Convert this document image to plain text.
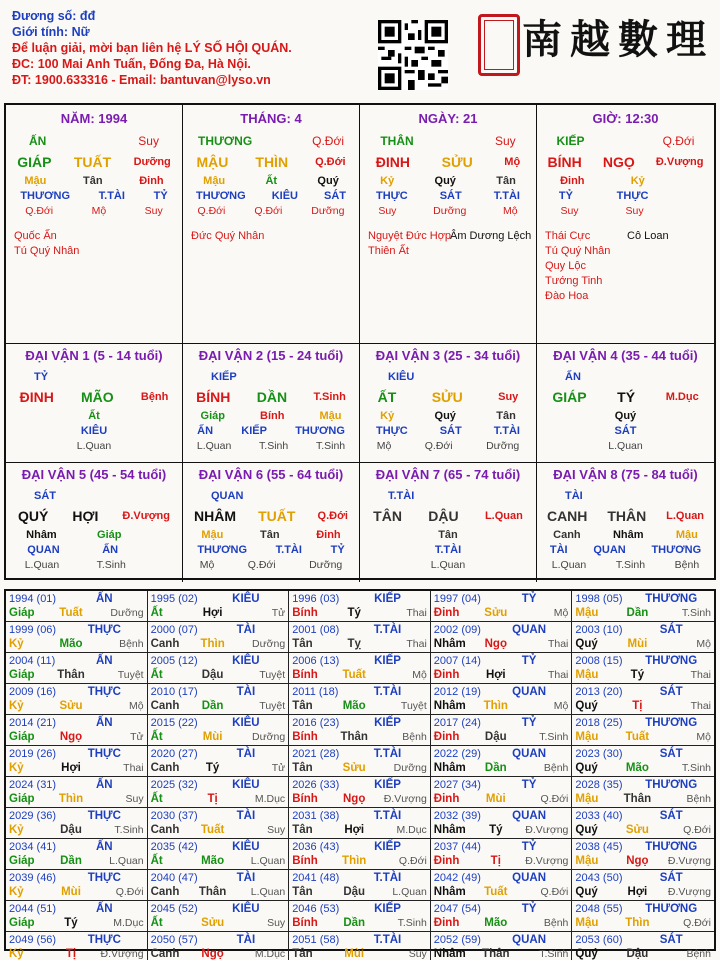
Đương số: đđ
Giới tính: Nữ
Để luận giải, mời bạn liên hệ LÝ SỐ HỘI QUÁN.
ĐC: 100 Mai Anh Tuấn, Đống Đa, Hà Nội.
ĐT: 1900.633316 - Email: bantuvan@lyso.vn
南越數理
NĂM: 1994
ẤN	Suy
GIÁP TUẤT Dưỡng
Mậu	Tân	Đinh
THƯƠNG	T.TÀI	TỶ
Q.Đới	Mộ	Suy
Quốc Ấn
Tú Quý Nhân
THÁNG: 4
THƯƠNG	Q.Đới
MẬU THÌN Q.Đới
Mậu	Ất	Quý
THƯƠNG KIÊU SÁT
Q.Đới	Q.Đới	Dưỡng
Đức Quý Nhân
NGÀY: 21
THÂN	Suy
ĐINH SỬU	Mộ
Kỷ	Quý	Tân
THỰC	SÁT	T.TÀI
Suy	Dưỡng	Mộ
Nguyệt Đức Hợp
Thiên Ất
Âm Dương Lệch
GIỜ: 12:30
KIẾP	Q.Đới
BÍNH NGỌ Đ.Vượng
Đinh	Kỷ
TỶ	THỰC
Suy	Suy
Thái Cực
Tú Quý Nhân
Quy Lộc
Tướng Tinh
Đào Hoa
Cô Loan
ĐẠI VẬN 1 (5 - 14 tuổi)
TỶ
ĐINH MÃO Bệnh
Ất
KIÊU
L.Quan
ĐẠI VẬN 2 (15 - 24 tuổi)
KIẾP
BÍNH DẦN T.Sinh
Giáp	Bính	Mậu
ẤN	KIẾP	THƯƠNG
L.Quan	T.Sinh	T.Sinh
ĐẠI VẬN 3 (25 - 34 tuổi)
KIÊU
ẤT	SỬU	Suy
Kỷ	Quý	Tân
THỰC	SÁT	T.TÀI
Mộ	Q.Đới	Dưỡng
ĐẠI VẬN 4 (35 - 44 tuổi)
ẤN
GIÁP TÝ	M.Dục
Quý
SÁT
L.Quan
ĐẠI VẬN 5 (45 - 54 tuổi)
SÁT
QUÝ HỢI Đ.Vượng
Nhâm	Giáp
QUAN	ẤN
L.Quan	T.Sinh
ĐẠI VẬN 6 (55 - 64 tuổi)
QUAN
NHÂM TUẤT Q.Đới
Mậu	Tân	Đinh
THƯƠNG	T.TÀI	TỶ
Mộ	Q.Đới	Dưỡng
ĐẠI VẬN 7 (65 - 74 tuổi)
T.TÀI
TÂN DẬU L.Quan
Tân
T.TÀI
L.Quan
ĐẠI VẬN 8 (75 - 84 tuổi)
TÀI
CANH THÂN L.Quan
Canh	Nhâm	Mậu
TÀI QUAN THƯƠNG
L.Quan	T.Sinh	Bệnh
1994 (01)	ẤN
Giáp	Tuất	Dưỡng
1995 (02)	KIÊU
Ất	Hợi	Tử
1996 (03)	KIẾP
Bính	Tý	Thai
1997 (04)	TỶ
Đinh	Sửu	Mộ
1998 (05)	THƯƠNG
Mậu	Dần	T.Sinh
1999 (06)	THỰC
Kỷ	Mão	Bệnh
2000 (07)	TÀI
Canh	Thìn	Dưỡng
2001 (08)	T.TÀI
Tân	Tỵ	Thai
2002 (09)	QUAN
Nhâm	Ngọ	Thai
2003 (10)	SÁT
Quý	Mùi	Mộ
2004 (11)	ẤN
Giáp	Thân	Tuyệt
2005 (12)	KIÊU
Ất	Dậu	Tuyệt
2006 (13)	KIẾP
Bính	Tuất	Mộ
2007 (14)	TỶ
Đinh	Hợi	Thai
2008 (15)	THƯƠNG
Mậu	Tý	Thai
2009 (16)	THỰC
Kỷ	Sửu	Mộ
2010 (17)	TÀI
Canh	Dần	Tuyệt
2011 (18)	T.TÀI
Tân	Mão	Tuyệt
2012 (19)	QUAN
Nhâm	Thìn	Mộ
2013 (20)	SÁT
Quý	Tị	Thai
2014 (21)	ẤN
Giáp	Ngọ	Tử
2015 (22)	KIÊU
Ất	Mùi	Dưỡng
2016 (23)	KIẾP
Bính	Thân	Bệnh
2017 (24)	TỶ
Đinh	Dậu	T.Sinh
2018 (25)	THƯƠNG
Mậu	Tuất	Mộ
2019 (26)	THỰC
Kỷ	Hợi	Thai
2020 (27)	TÀI
Canh	Tý	Tử
2021 (28)	T.TÀI
Tân	Sửu	Dưỡng
2022 (29)	QUAN
Nhâm	Dần	Bệnh
2023 (30)	SÁT
Quý	Mão	T.Sinh
2024 (31)	ẤN
Giáp	Thìn	Suy
2025 (32)	KIÊU
Ất	Tị	M.Dục
2026 (33)	KIẾP
Bính	Ngọ	Đ.Vượng
2027 (34)	TỶ
Đinh	Mùi	Q.Đới
2028 (35)	THƯƠNG
Mậu	Thân	Bệnh
2029 (36)	THỰC
Kỷ	Dậu	T.Sinh
2030 (37)	TÀI
Canh	Tuất	Suy
2031 (38)	T.TÀI
Tân	Hợi	M.Dục
2032 (39)	QUAN
Nhâm	Tý	Đ.Vượng
2033 (40)	SÁT
Quý	Sửu	Q.Đới
2034 (41)	ẤN
Giáp	Dần	L.Quan
2035 (42)	KIÊU
Ất	Mão	L.Quan
2036 (43)	KIẾP
Bính	Thìn	Q.Đới
2037 (44)	TỶ
Đinh	Tị	Đ.Vượng
2038 (45)	THƯƠNG
Mậu	Ngọ	Đ.Vượng
2039 (46)	THỰC
Kỷ	Mùi	Q.Đới
2040 (47)	TÀI
Canh	Thân	L.Quan
2041 (48)	T.TÀI
Tân	Dậu	L.Quan
2042 (49)	QUAN
Nhâm	Tuất	Q.Đới
2043 (50)	SÁT
Quý	Hợi	Đ.Vượng
2044 (51)	ẤN
Giáp	Tý	M.Dục
2045 (52)	KIÊU
Ất	Sửu	Suy
2046 (53)	KIẾP
Bính	Dần	T.Sinh
2047 (54)	TỶ
Đinh	Mão	Bệnh
2048 (55)	THƯƠNG
Mậu	Thìn	Q.Đới
2049 (56)	THỰC
Kỷ	Tị	Đ.Vượng
2050 (57)	TÀI
Canh	Ngọ	M.Dục
2051 (58)	T.TÀI
Tân	Mùi	Suy
2052 (59)	QUAN
Nhâm	Thân	T.Sinh
2053 (60)	SÁT
Quý	Dậu	Bệnh
